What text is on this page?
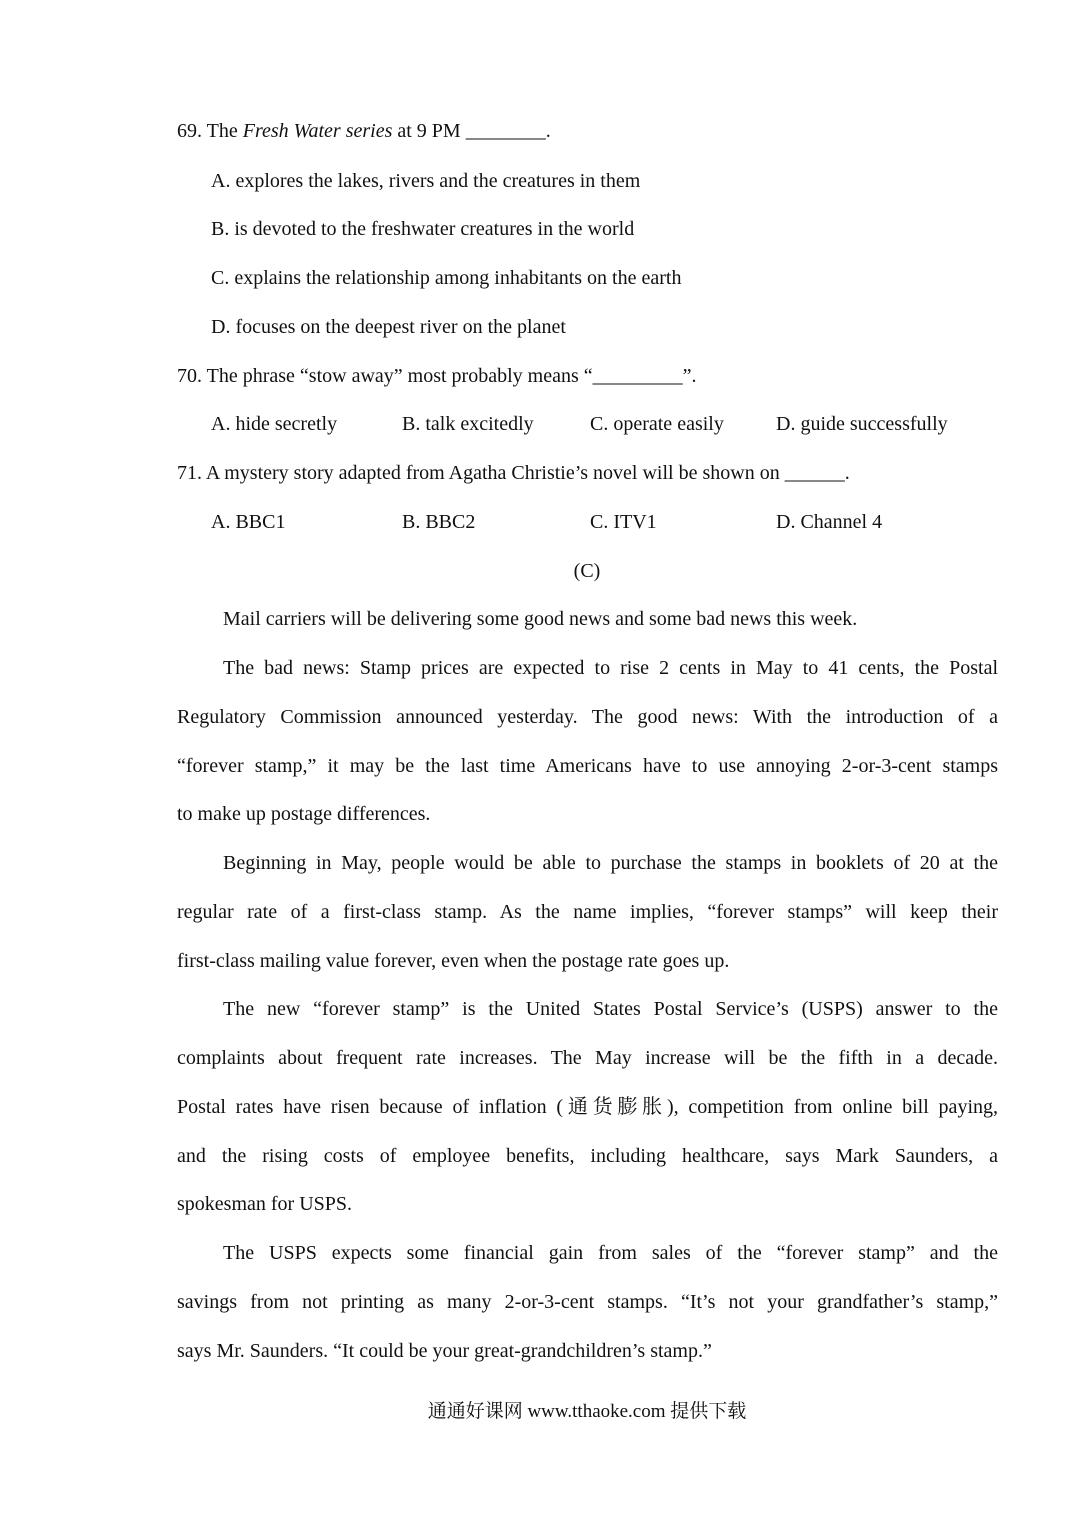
69. The Fresh Water series at 9 PM ________.
A. explores the lakes, rivers and the creatures in them
B. is devoted to the freshwater creatures in the world
C. explains the relationship among inhabitants on the earth
D. focuses on the deepest river on the planet
70. The phrase “stow away” most probably means “_________”.
A. hide secretly	B. talk excitedly	C. operate easily	D. guide successfully
71. A mystery story adapted from Agatha Christie’s novel will be shown on ______.
A. BBC1	B. BBC2	C. ITV1	D. Channel 4
(C)
Mail carriers will be delivering some good news and some bad news this week.
The bad news: Stamp prices are expected to rise 2 cents in May to 41 cents, the Postal
Regulatory Commission announced yesterday. The good news: With the introduction of a
“forever stamp,” it may be the last time Americans have to use annoying 2-or-3-cent stamps
to make up postage differences.
Beginning in May, people would be able to purchase the stamps in booklets of 20 at the
regular rate of a first-class stamp. As the name implies, “forever stamps” will keep their
first-class mailing value forever, even when the postage rate goes up.
The new “forever stamp” is the United States Postal Service’s (USPS) answer to the
complaints about frequent rate increases. The May increase will be the fifth in a decade.
Postal rates have risen because of inflation (通货膨胀), competition from online bill paying,
and the rising costs of employee benefits, including healthcare, says Mark Saunders, a
spokesman for USPS.
The USPS expects some financial gain from sales of the “forever stamp” and the
savings from not printing as many 2-or-3-cent stamps. “It’s not your grandfather’s stamp,”
says Mr. Saunders. “It could be your great-grandchildren’s stamp.”
通通好课网 www.tthaoke.com 提供下载
